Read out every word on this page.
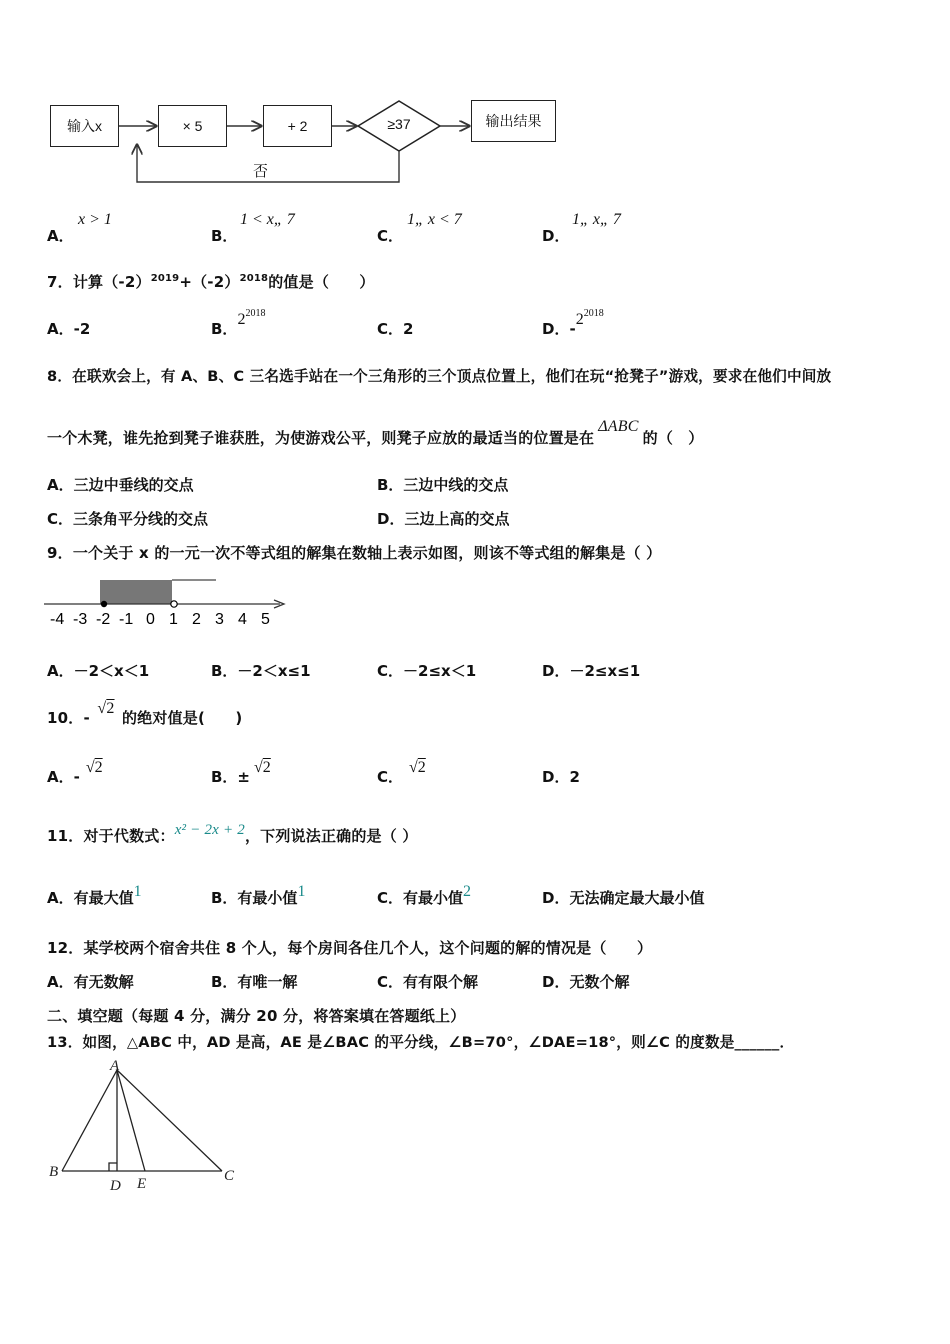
输入x	× 5	+ 2	输出结果
≥37
否
A．
x > 1
B．
1 < x„ 7
C．
1„ x < 7
D．
1„ x„ 7
7．计算$(-2)^{2019}+(-2)^{2018}$的值是（　　）
A．-2	B．$2^{2018}$
C．2	D．$-2^{2018}$
8．在联欢会上，有 A、B、C 三名选手站在一个三角形的三个顶点位置上，他们在玩“抢凳子”游戏，要求在他们中间放
一个木凳，谁先抢到凳子谁获胜，为使游戏公平，则凳子应放的最适当的位置是在ΔABC的（　）
A．三边中垂线的交点	B．三边中线的交点
C．三条角平分线的交点	D．三边上高的交点
9．一个关于 x 的一元一次不等式组的解集在数轴上表示如图，则该不等式组的解集是（ ）
-4 -3 -2 -1 0 1 2 3 4 5
A．－2＜x＜1	B．－2＜x≤1	C．－2≤x＜1	D．－2≤x≤1
10．- √2 的绝对值是(　　)
A．-√2
B．±√2
C．√2
D．2
11．对于代数式：x² − 2x + 2，下列说法正确的是（ ）
A．有最大值1	B．有最小值1	C．有最小值2	D．无法确定最大最小值
12．某学校两个宿舍共住 8 个人，每个房间各住几个人，这个问题的解的情况是（　　）
A．有无数解	B．有唯一解	C．有有限个解	D．无数个解
二、填空题（每题 4 分，满分 20 分，将答案填在答题纸上）
13．如图，△ABC 中，AD 是高，AE 是∠BAC 的平分线，∠B=70°，∠DAE=18°，则∠C 的度数是______．
A
B	C
D E
